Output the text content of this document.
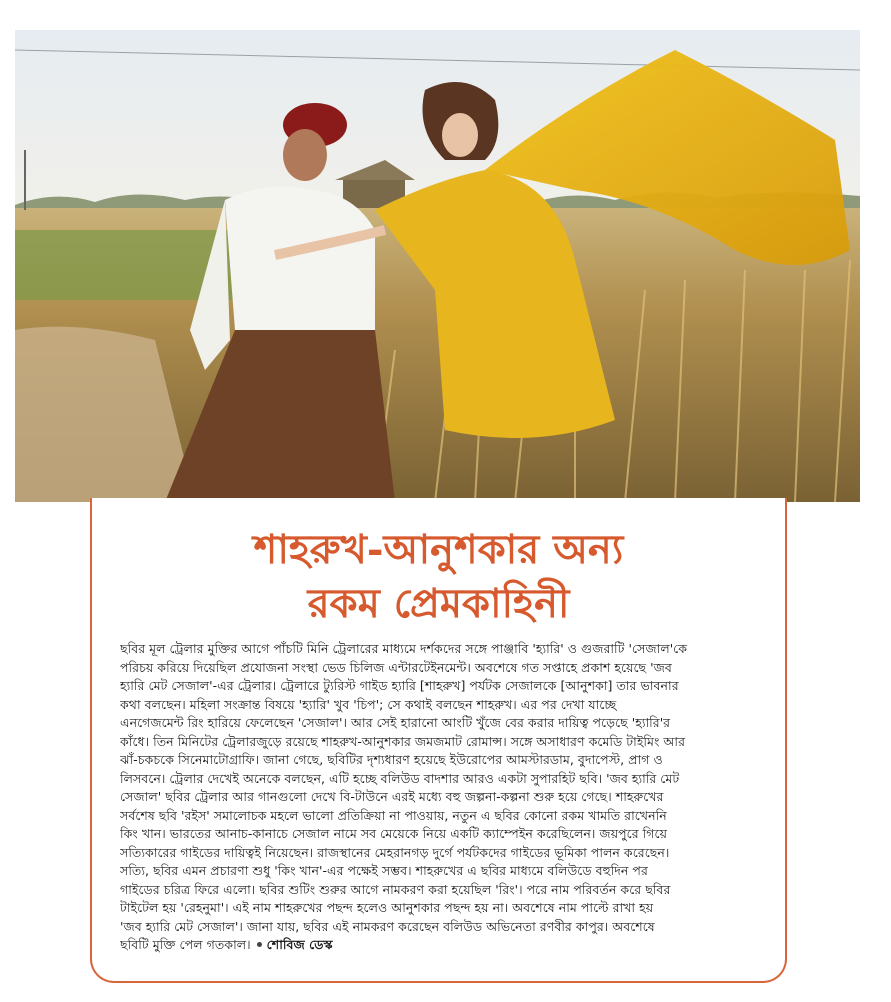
শাহরুখ-আনুশকার অন্য
রকম প্রেমকাহিনী
ছবির মূল ট্রেলার মুক্তির আগে পাঁচটি মিনি ট্রেলারের মাধ্যমে দর্শকদের সঙ্গে পাঞ্জাবি 'হ্যারি' ও গুজরাটি 'সেজাল'কে
পরিচয় করিয়ে দিয়েছিল প্রযোজনা সংস্থা ভেড চিলিজ এন্টারটেইনমেন্ট। অবশেষে গত সপ্তাহে প্রকাশ হয়েছে 'জব
হ্যারি মেট সেজাল'-এর ট্রেলার। ট্রেলারে ট্যুরিস্ট গাইড হ্যারি [শাহরুখ] পর্যটক সেজালকে [আনুশকা] তার ভাবনার
কথা বলছেন। মহিলা সংক্রান্ত বিষয়ে 'হ্যারি' খুব 'চিপ'; সে কথাই বলছেন শাহরুখ। এর পর দেখা যাচ্ছে
এনগেজমেন্ট রিং হারিয়ে ফেলেছেন 'সেজাল'। আর সেই হারানো আংটি খুঁজে বের করার দায়িত্ব পড়েছে 'হ্যারি'র
কাঁধে। তিন মিনিটের ট্রেলারজুড়ে রয়েছে শাহরুখ-আনুশকার জমজমাট রোমান্স। সঙ্গে অসাধারণ কমেডি টাইমিং আর
ঝাঁ-চকচকে সিনেমাটোগ্রাফি। জানা গেছে, ছবিটির দৃশ্যধারণ হয়েছে ইউরোপের আমস্টারডাম, বুদাপেস্ট, প্রাগ ও
লিসবনে। ট্রেলার দেখেই অনেকে বলছেন, এটি হচ্ছে বলিউড বাদশার আরও একটা সুপারহিট ছবি। 'জব হ্যারি মেট
সেজাল' ছবির ট্রেলার আর গানগুলো দেখে বি-টাউনে এরই মধ্যে বহু জল্পনা-কল্পনা শুরু হয়ে গেছে। শাহরুখের
সর্বশেষ ছবি 'রইস' সমালোচক মহলে ভালো প্রতিক্রিয়া না পাওয়ায়, নতুন এ ছবির কোনো রকম খামতি রাখেননি
কিং খান। ভারতের আনাচ-কানাচে সেজাল নামে সব মেয়েকে নিয়ে একটি ক্যাম্পেইন করেছিলেন। জয়পুরে গিয়ে
সত্যিকারের গাইডের দায়িত্বই নিয়েছেন। রাজস্থানের মেহরানগড় দুর্গে পর্যটকদের গাইডের ভূমিকা পালন করেছেন।
সত্যি, ছবির এমন প্রচারণা শুধু 'কিং খান'-এর পক্ষেই সম্ভব। শাহরুখের এ ছবির মাধ্যমে বলিউডে বহুদিন পর
গাইডের চরিত্র ফিরে এলো। ছবির শুটিং শুরুর আগে নামকরণ করা হয়েছিল 'রিং'। পরে নাম পরিবর্তন করে ছবির
টাইটেল হয় 'রেহনুমা'। এই নাম শাহরুখের পছন্দ হলেও আনুশকার পছন্দ হয় না। অবশেষে নাম পাল্টে রাখা হয়
'জব হ্যারি মেট সেজাল'। জানা যায়, ছবির এই নামকরণ করেছেন বলিউড অভিনেতা রণবীর কাপুর। অবশেষে
ছবিটি মুক্তি পেল গতকাল। শোবিজ ডেস্ক
